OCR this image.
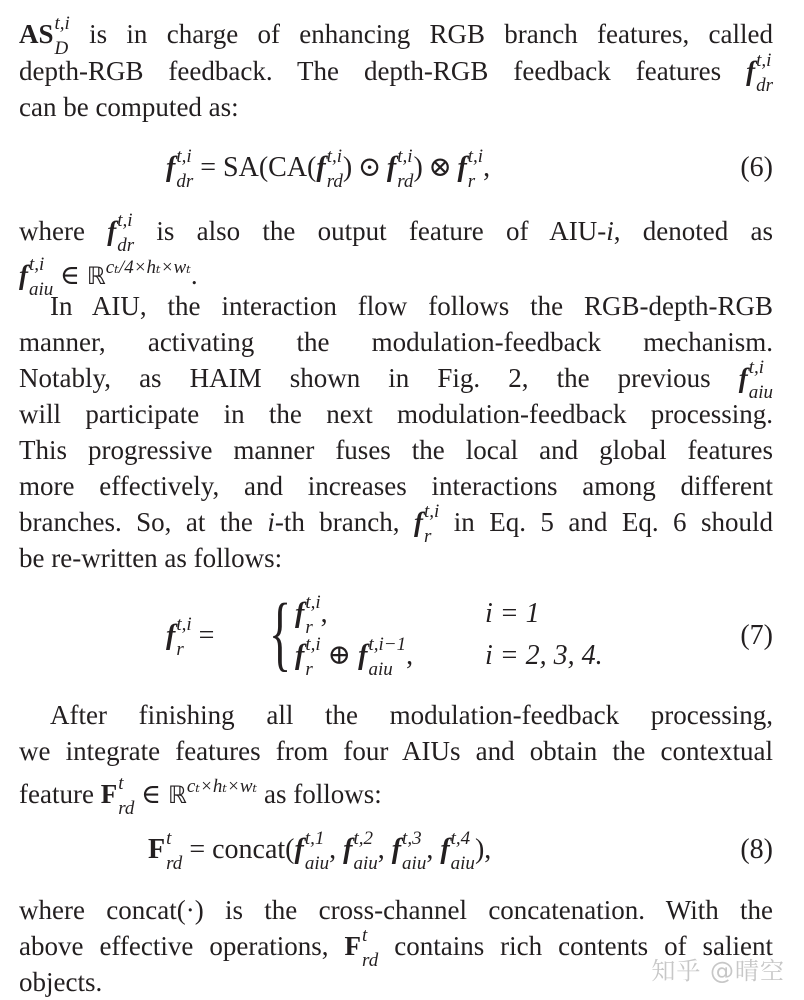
AS t,i
D is in charge of enhancing RGB branch features, called
depth-RGB feedback. The depth-RGB feedback features f t,i
dr
can be computed as:
f t,i
dr = SA(CA(f t,i
rd ) ⊙ f t,i
rd ) ⊗ f t,i
r ,	(6)
where f t,i
dr is also the output feature of AIU-i, denoted as
f t,i
aiu ∈ ℝ$^{c_t/4\times h_t\times w_t}$.
In AIU, the interaction flow follows the RGB-depth-RGB
manner, activating the modulation-feedback mechanism.
Notably, as HAIM shown in Fig. 2, the previous f t,i
aiu
will participate in the next modulation-feedback processing.
This progressive manner fuses the local and global features
more effectively, and increases interactions among different
branches. So, at the i-th branch, f t,i
r in Eq. 5 and Eq. 6 should
be re-written as follows:
f t,i
r = { f t,i
r ,	i = 1
f t,i
r ⊕ f t,i−1
aiu ,	i = 2, 3, 4.
(7)
After finishing all the modulation-feedback processing,
we integrate features from four AIUs and obtain the contextual
feature F t
rd ∈ ℝ$^{c_t\times h_t\times w_t}$ as follows:
F t
rd = concat(f t,1
aiu , f t,2
aiu , f t,3
aiu , f t,4
aiu ),	(8)
where concat(·) is the cross-channel concatenation. With the
above effective operations, F t
rd contains rich contents of salient
objects.	知乎 @晴空
